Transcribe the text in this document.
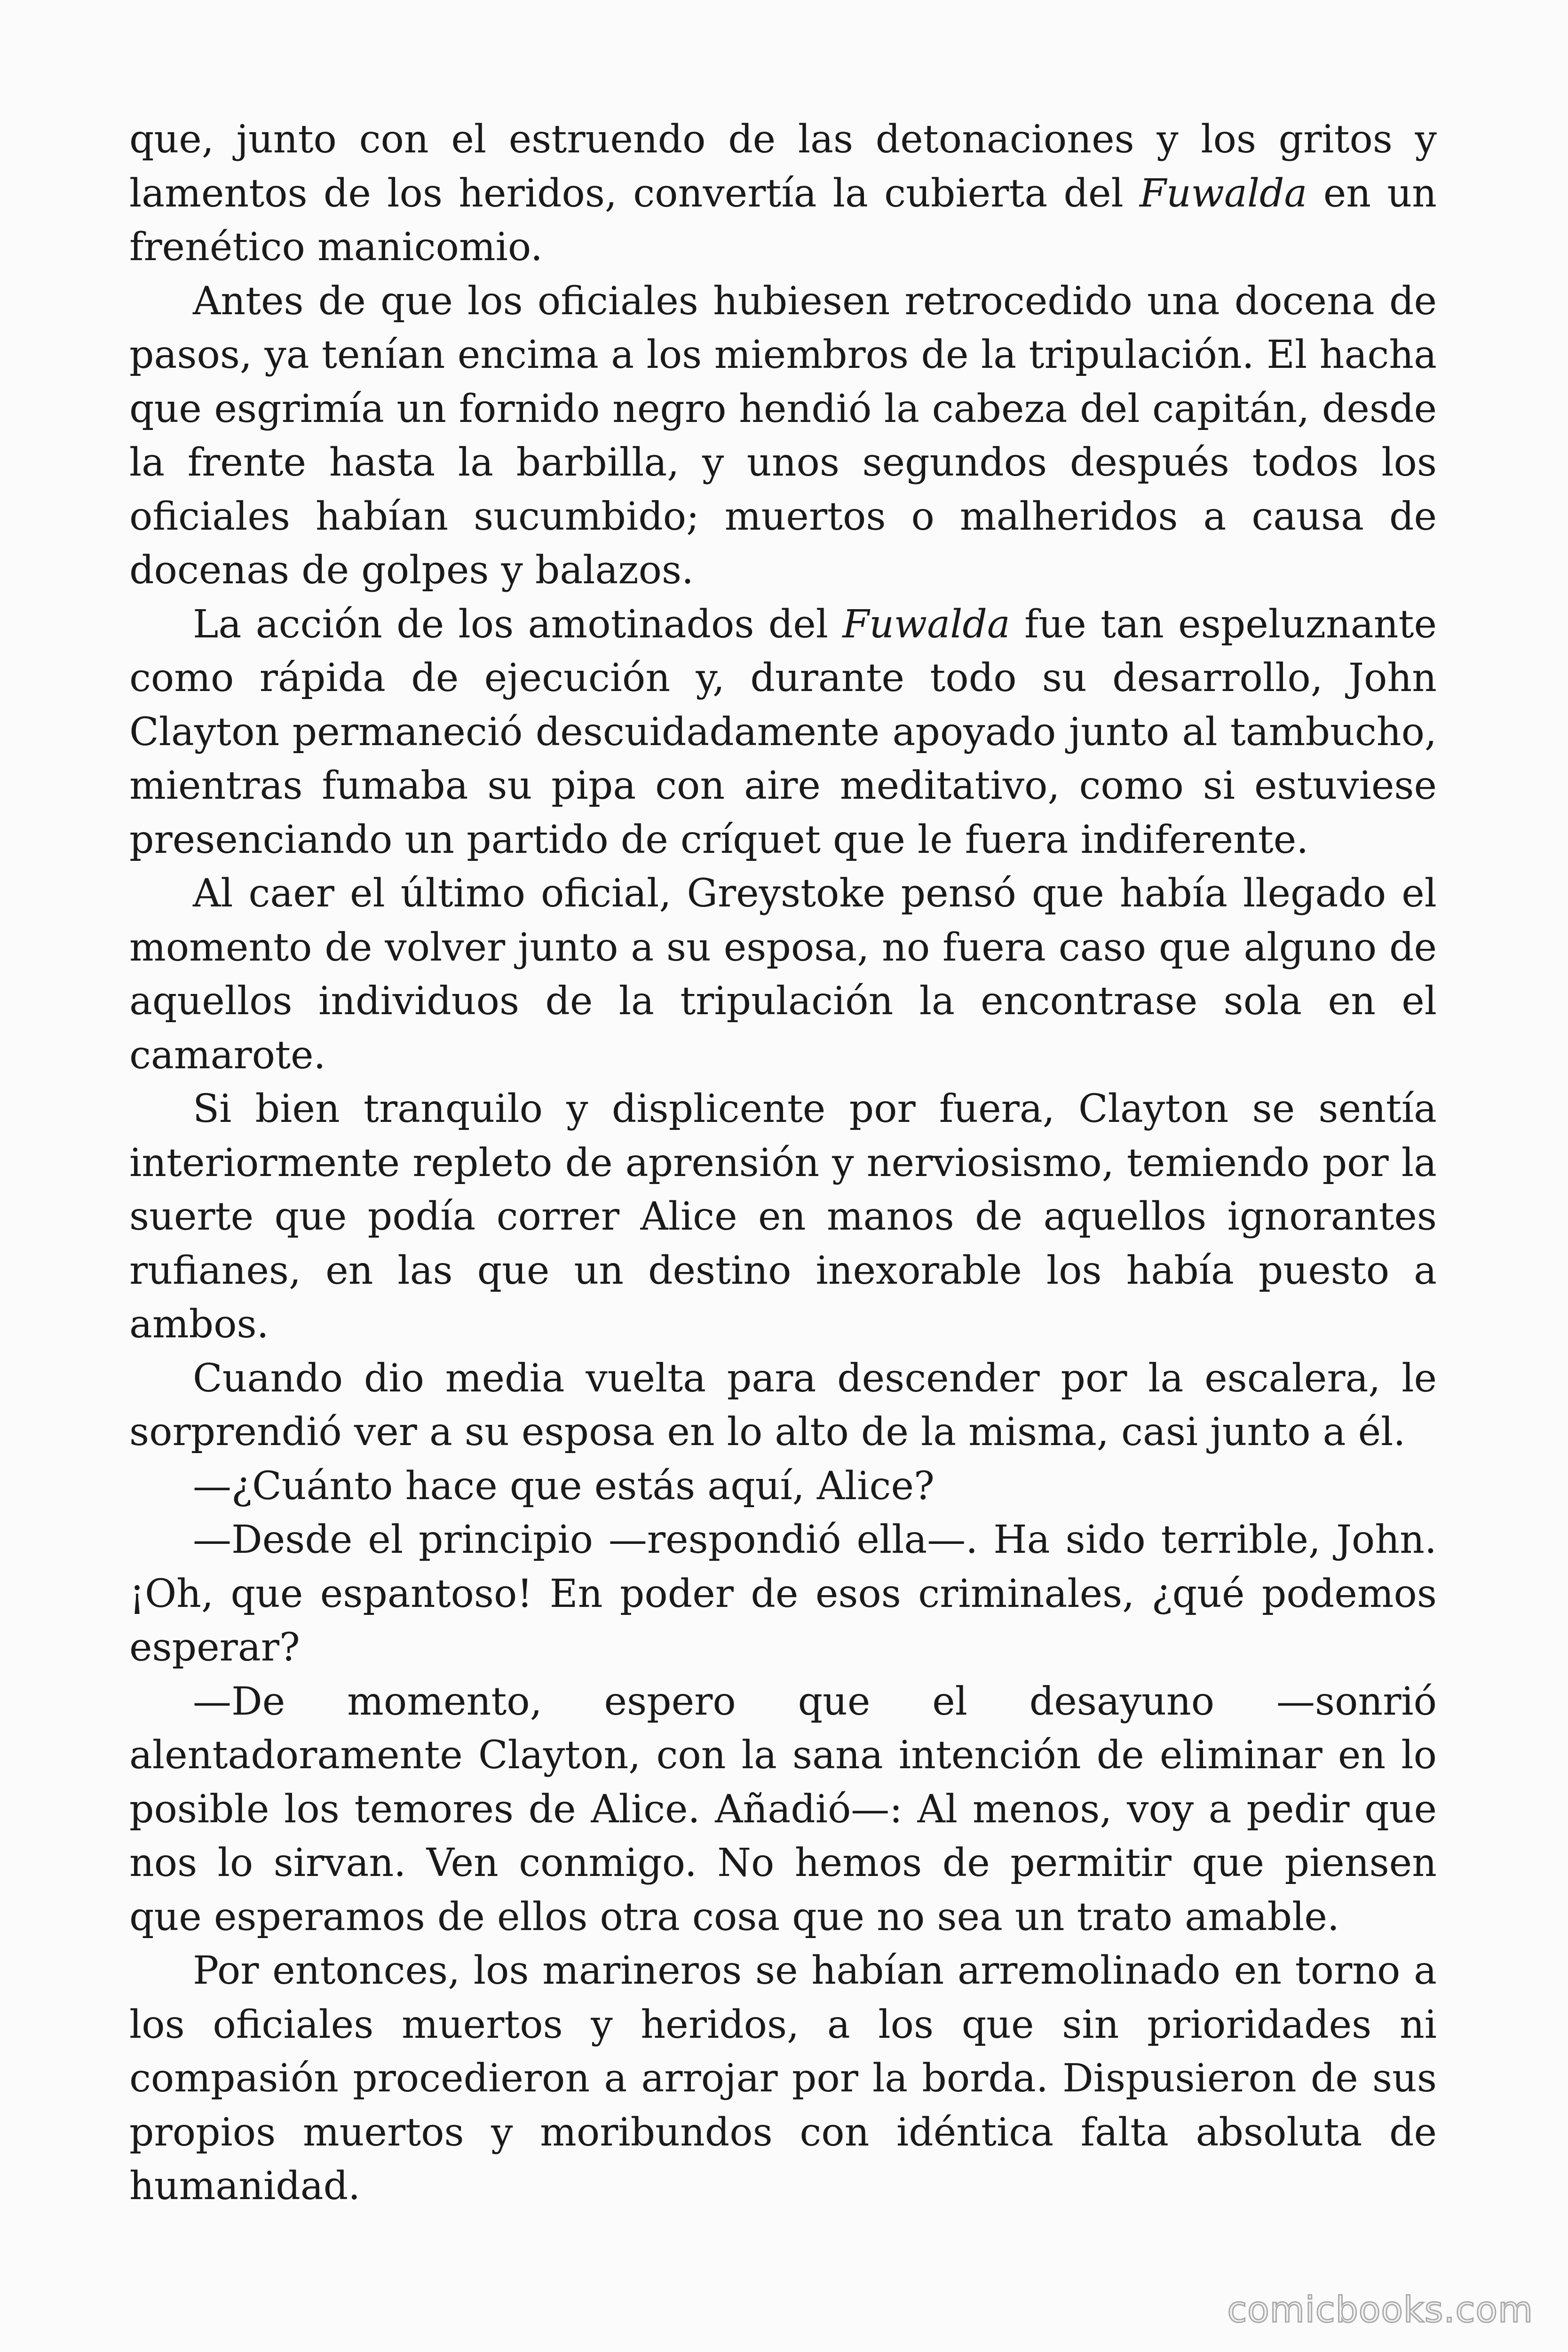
que, junto con el estruendo de las detonaciones y los gritos y lamentos de los heridos, convertía la cubierta del Fuwalda en un frenético manicomio.

Antes de que los oficiales hubiesen retrocedido una docena de pasos, ya tenían encima a los miembros de la tripulación. El hacha que esgrimía un fornido negro hendió la cabeza del capitán, desde la frente hasta la barbilla, y unos segundos después todos los oficiales habían sucumbido; muertos o malheridos a causa de docenas de golpes y balazos.

La acción de los amotinados del Fuwalda fue tan espeluznante como rápida de ejecución y, durante todo su desarrollo, John Clayton permaneció descuidadamente apoyado junto al tambucho, mientras fumaba su pipa con aire meditativo, como si estuviese presenciando un partido de críquet que le fuera indiferente.

Al caer el último oficial, Greystoke pensó que había llegado el momento de volver junto a su esposa, no fuera caso que alguno de aquellos individuos de la tripulación la encontrase sola en el camarote.

Si bien tranquilo y displicente por fuera, Clayton se sentía interiormente repleto de aprensión y nerviosismo, temiendo por la suerte que podía correr Alice en manos de aquellos ignorantes rufianes, en las que un destino inexorable los había puesto a ambos.

Cuando dio media vuelta para descender por la escalera, le sorprendió ver a su esposa en lo alto de la misma, casi junto a él.

—¿Cuánto hace que estás aquí, Alice?

—Desde el principio —respondió ella—. Ha sido terrible, John. ¡Oh, que espantoso! En poder de esos criminales, ¿qué podemos esperar?

—De momento, espero que el desayuno —sonrió alentadoramente Clayton, con la sana intención de eliminar en lo posible los temores de Alice. Añadió—: Al menos, voy a pedir que nos lo sirvan. Ven conmigo. No hemos de permitir que piensen que esperamos de ellos otra cosa que no sea un trato amable.

Por entonces, los marineros se habían arremolinado en torno a los oficiales muertos y heridos, a los que sin prioridades ni compasión procedieron a arrojar por la borda. Dispusieron de sus propios muertos y moribundos con idéntica falta absoluta de humanidad.

comicbooks.com
